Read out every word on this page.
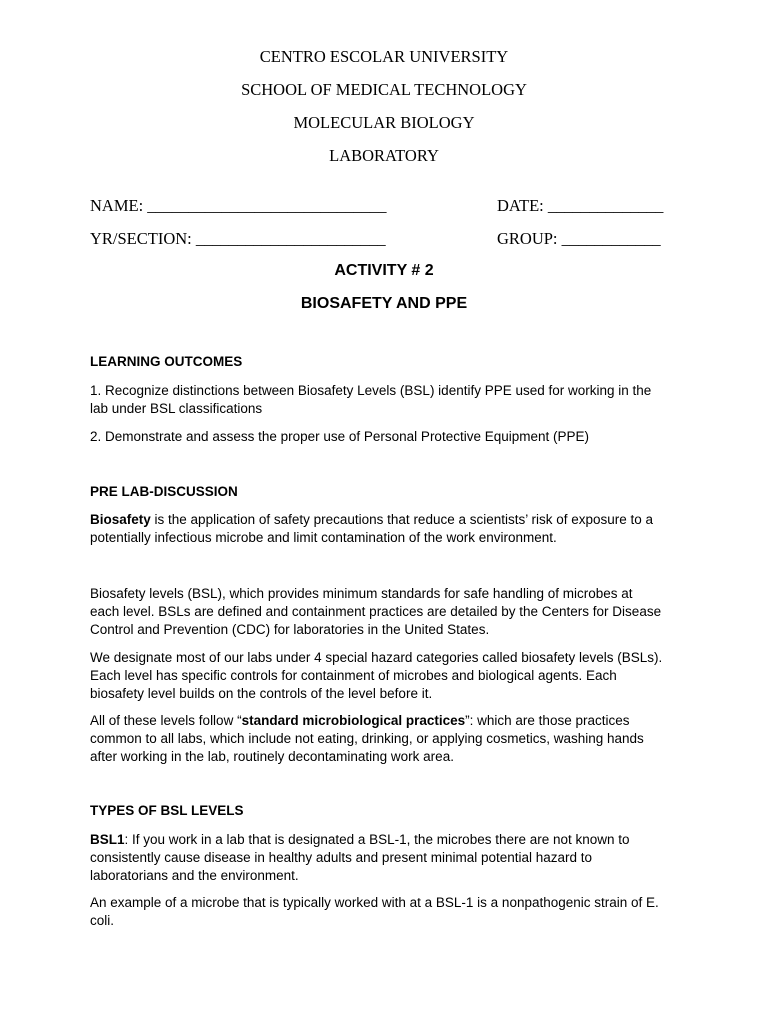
CENTRO ESCOLAR UNIVERSITY
SCHOOL OF MEDICAL TECHNOLOGY
MOLECULAR BIOLOGY
LABORATORY
NAME: _____________________________	DATE: ______________
YR/SECTION: _______________________	GROUP: ____________
ACTIVITY # 2
BIOSAFETY AND PPE
LEARNING OUTCOMES
1. Recognize distinctions between Biosafety Levels (BSL) identify PPE used for working in the
lab under BSL classifications
2. Demonstrate and assess the proper use of Personal Protective Equipment (PPE)
PRE LAB-DISCUSSION
Biosafety is the application of safety precautions that reduce a scientists’ risk of exposure to a
potentially infectious microbe and limit contamination of the work environment.
Biosafety levels (BSL), which provides minimum standards for safe handling of microbes at
each level. BSLs are defined and containment practices are detailed by the Centers for Disease
Control and Prevention (CDC) for laboratories in the United States.
We designate most of our labs under 4 special hazard categories called biosafety levels (BSLs).
Each level has specific controls for containment of microbes and biological agents. Each
biosafety level builds on the controls of the level before it.
All of these levels follow “standard microbiological practices”: which are those practices
common to all labs, which include not eating, drinking, or applying cosmetics, washing hands
after working in the lab, routinely decontaminating work area.
TYPES OF BSL LEVELS
BSL1: If you work in a lab that is designated a BSL-1, the microbes there are not known to
consistently cause disease in healthy adults and present minimal potential hazard to
laboratorians and the environment.
An example of a microbe that is typically worked with at a BSL-1 is a nonpathogenic strain of E.
coli.
